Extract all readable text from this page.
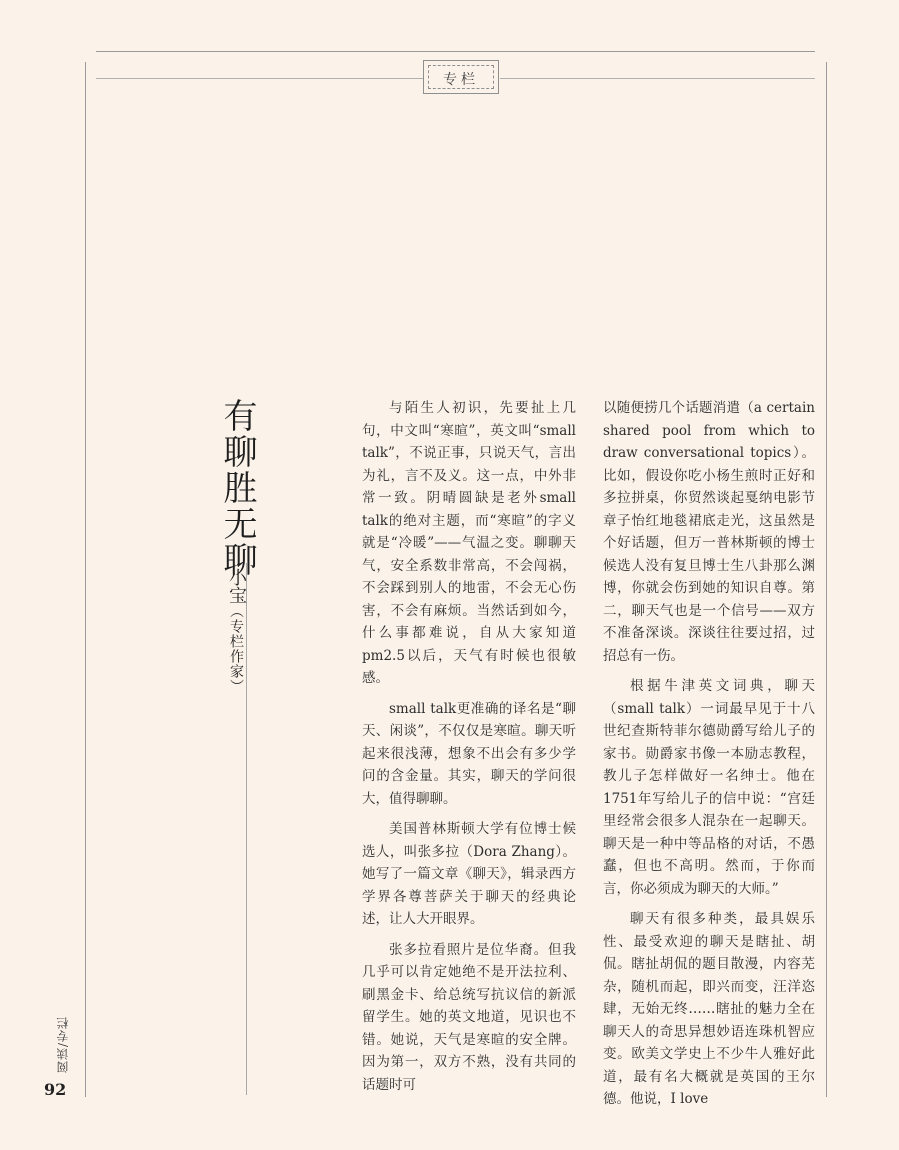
专栏
有聊胜无聊
小宝（专栏作家）

与陌生人初识，先要扯上几句，中文叫“寒暄”，英文叫“small talk”，不说正事，只说天气，言出为礼，言不及义。这一点，中外非常一致。阴晴圆缺是老外small talk的绝对主题，而“寒暄”的字义就是“冷暖”——气温之变。聊聊天气，安全系数非常高，不会闯祸，不会踩到别人的地雷，不会无心伤害，不会有麻烦。当然话到如今，什么事都难说，自从大家知道pm2.5以后，天气有时候也很敏感。

small talk更准确的译名是“聊天、闲谈”，不仅仅是寒暄。聊天听起来很浅薄，想象不出会有多少学问的含金量。其实，聊天的学问很大，值得聊聊。

美国普林斯顿大学有位博士候选人，叫张多拉（Dora Zhang）。她写了一篇文章《聊天》，辑录西方学界各尊菩萨关于聊天的经典论述，让人大开眼界。

张多拉看照片是位华裔。但我几乎可以肯定她绝不是开法拉利、刷黑金卡、给总统写抗议信的新派留学生。她的英文地道，见识也不错。她说，天气是寒暄的安全牌。因为第一，双方不熟，没有共同的话题时可

以随便捞几个话题消遣（a certain shared pool from which to draw conversational topics）。比如，假设你吃小杨生煎时正好和多拉拼桌，你贸然谈起戛纳电影节章子怡红地毯裙底走光，这虽然是个好话题，但万一普林斯顿的博士候选人没有复旦博士生八卦那么渊博，你就会伤到她的知识自尊。第二，聊天气也是一个信号——双方不准备深谈。深谈往往要过招，过招总有一伤。

根据牛津英文词典，聊天（small talk）一词最早见于十八世纪查斯特菲尔德勋爵写给儿子的家书。勋爵家书像一本励志教程，教儿子怎样做好一名绅士。他在1751年写给儿子的信中说：“宫廷里经常会很多人混杂在一起聊天。聊天是一种中等品格的对话，不愚蠢，但也不高明。然而，于你而言，你必须成为聊天的大师。”

聊天有很多种类，最具娱乐性、最受欢迎的聊天是瞎扯、胡侃。瞎扯胡侃的题目散漫，内容芜杂，随机而起，即兴而变，汪洋恣肆，无始无终……瞎扯的魅力全在聊天人的奇思异想妙语连珠机智应变。欧美文学史上不少牛人雅好此道，最有名大概就是英国的王尔德。他说，I love

阅读/专栏
92
